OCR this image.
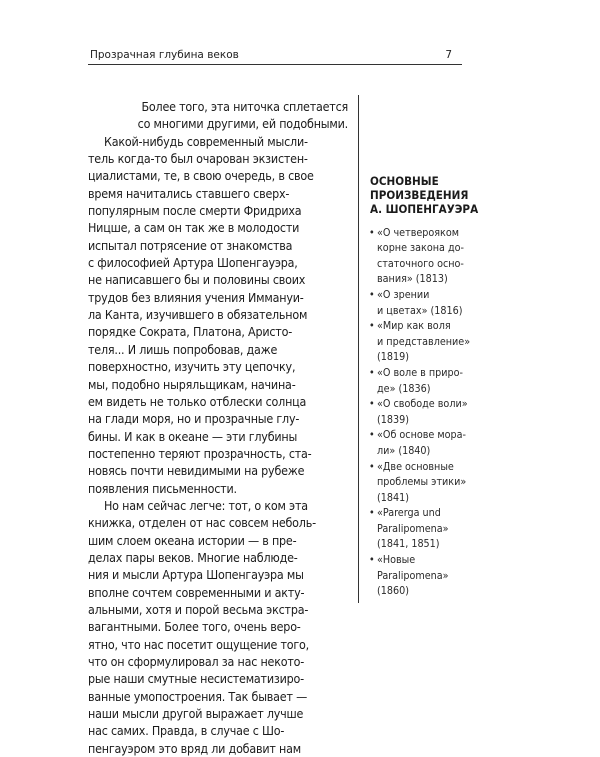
Прозрачная глубина веков	7
Более того, эта ниточка сплетается
со многими другими, ей подобными.
Какой-нибудь современный мысли-
тель когда-то был очарован экзистен-
циалистами, те, в свою очередь, в свое
время начитались ставшего сверх-
популярным после смерти Фридриха
Ницше, а сам он так же в молодости
испытал потрясение от знакомства
с философией Артура Шопенгауэра,
не написавшего бы и половины своих
трудов без влияния учения Иммануи-
ла Канта, изучившего в обязательном
порядке Сократа, Платона, Аристо-
теля... И лишь попробовав, даже
поверхностно, изучить эту цепочку,
мы, подобно ныряльщикам, начина-
ем видеть не только отблески солнца
на глади моря, но и прозрачные глу-
бины. И как в океане — эти глубины
постепенно теряют прозрачность, ста-
новясь почти невидимыми на рубеже
появления письменности.
Но нам сейчас легче: тот, о ком эта
книжка, отделен от нас совсем неболь-
шим слоем океана истории — в пре-
делах пары веков. Многие наблюде-
ния и мысли Артура Шопенгауэра мы
вполне сочтем современными и акту-
альными, хотя и порой весьма экстра-
вагантными. Более того, очень веро-
ятно, что нас посетит ощущение того,
что он сформулировал за нас некото-
рые наши смутные несистематизиро-
ванные умопостроения. Так бывает —
наши мысли другой выражает лучше
нас самих. Правда, в случае с Шо-
пенгауэром это вряд ли добавит нам
ОСНОВНЫЕ
ПРОИЗВЕДЕНИЯ
А. ШОПЕНГАУЭРА
• «О четверояком
корне закона до-
статочного осно-
вания» (1813)
• «О зрении
и цветах» (1816)
• «Мир как воля
и представление»
(1819)
• «О воле в приро-
де» (1836)
• «О свободе воли»
(1839)
• «Об основе мора-
ли» (1840)
• «Две основные
проблемы этики»
(1841)
• «Parerga und
Paralipomena»
(1841, 1851)
• «Новые
Paralipomena»
(1860)
